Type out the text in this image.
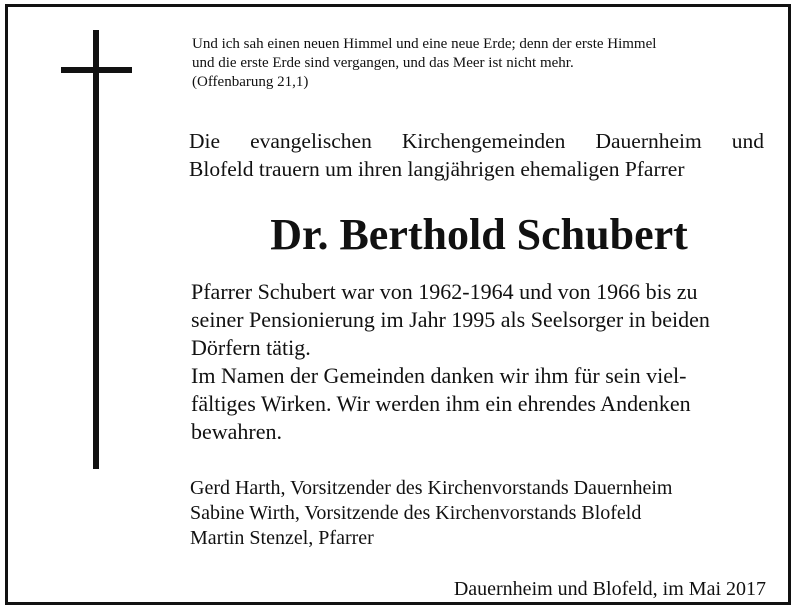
Und ich sah einen neuen Himmel und eine neue Erde; denn der erste Himmel
und die erste Erde sind vergangen, und das Meer ist nicht mehr.
(Offenbarung 21,1)
Die evangelischen Kirchengemeinden Dauernheim und
Blofeld trauern um ihren langjährigen ehemaligen Pfarrer
Dr. Berthold Schubert
Pfarrer Schubert war von 1962-1964 und von 1966 bis zu
seiner Pensionierung im Jahr 1995 als Seelsorger in beiden
Dörfern tätig.
Im Namen der Gemeinden danken wir ihm für sein viel-
fältiges Wirken. Wir werden ihm ein ehrendes Andenken
bewahren.
Gerd Harth, Vorsitzender des Kirchenvorstands Dauernheim
Sabine Wirth, Vorsitzende des Kirchenvorstands Blofeld
Martin Stenzel, Pfarrer
Dauernheim und Blofeld, im Mai 2017
